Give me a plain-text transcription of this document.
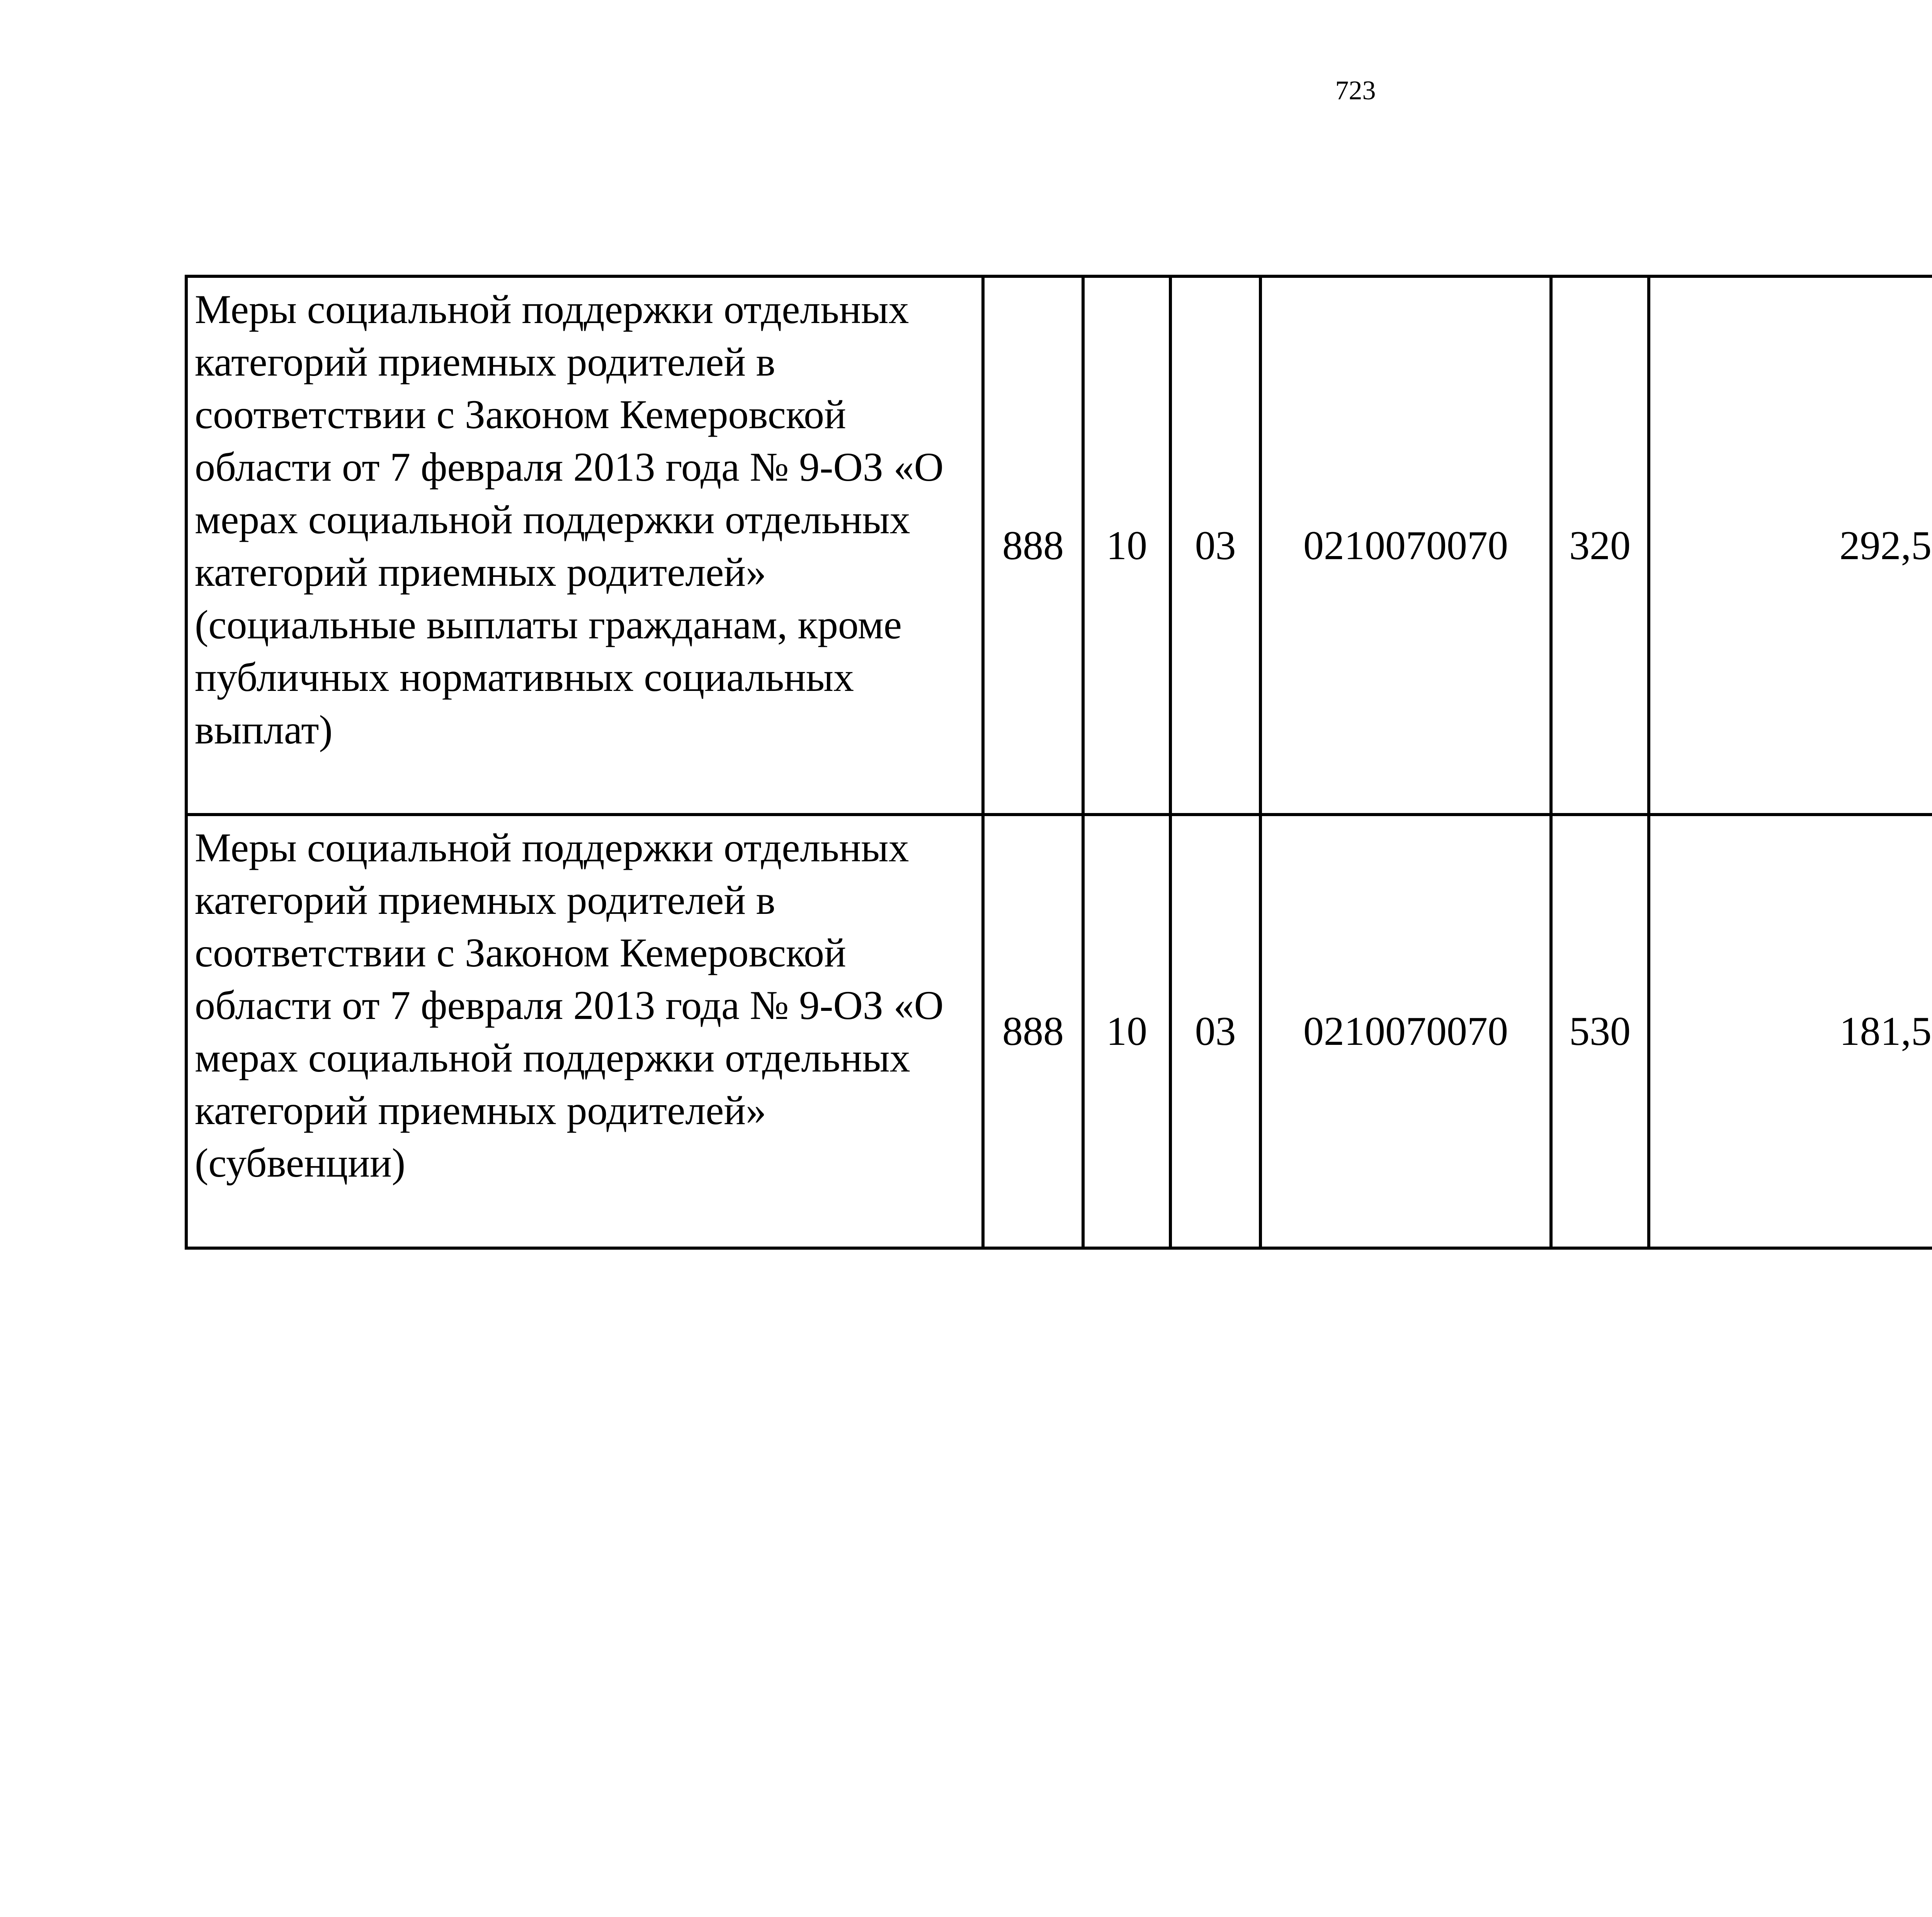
723
Меры социальной поддержки отдельных категорий приемных родителей в соответствии с Законом Кемеровской области от 7 февраля 2013 года № 9-ОЗ «О мерах социальной поддержки отдельных категорий приемных родителей» (социальные выплаты гражданам, кроме публичных нормативных социальных выплат)	888	10	03	0210070070	320	292,5		
Меры социальной поддержки отдельных категорий приемных родителей в соответствии с Законом Кемеровской области от 7 февраля 2013 года № 9-ОЗ «О мерах социальной поддержки отдельных категорий приемных родителей» (субвенции)	888	10	03	0210070070	530	181,5		
